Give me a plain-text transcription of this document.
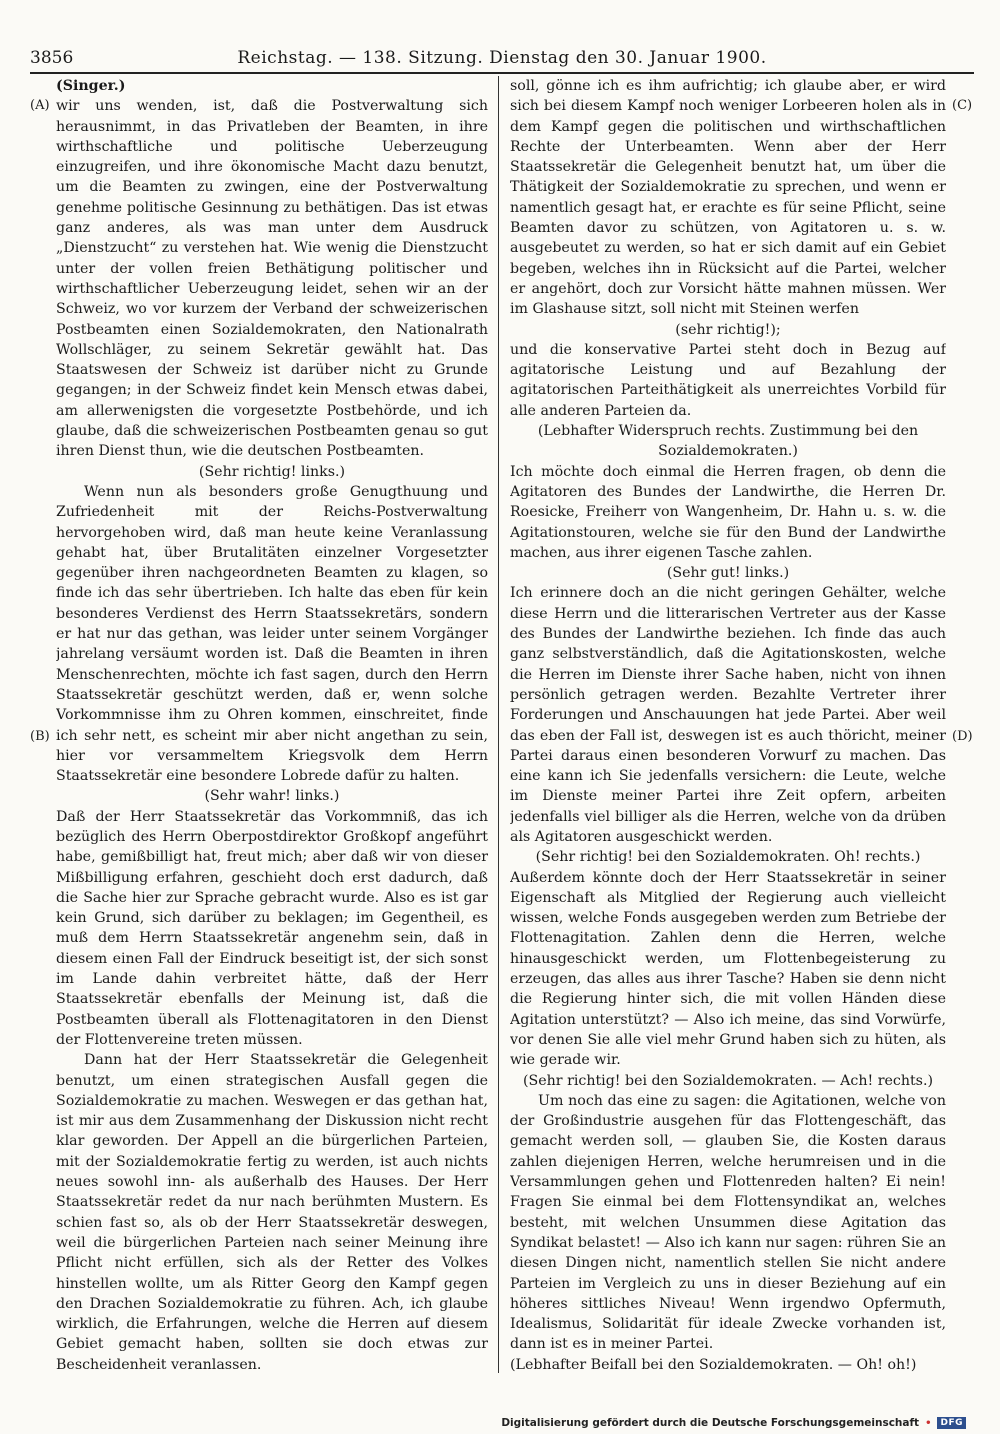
3856	Reichstag. — 138. Sitzung. Dienstag den 30. Januar 1900.
(A)
(B)
(C)
(D)

(Singer.)

wir uns wenden, ist, daß die Postverwaltung sich herausnimmt, in das Privatleben der Beamten, in ihre wirthschaftliche und politische Ueberzeugung einzugreifen, und ihre ökonomische Macht dazu benutzt, um die Beamten zu zwingen, eine der Postverwaltung genehme politische Gesinnung zu bethätigen. Das ist etwas ganz anderes, als was man unter dem Ausdruck „Dienstzucht“ zu verstehen hat. Wie wenig die Dienstzucht unter der vollen freien Bethätigung politischer und wirthschaftlicher Ueberzeugung leidet, sehen wir an der Schweiz, wo vor kurzem der Verband der schweizerischen Postbeamten einen Sozialdemokraten, den Nationalrath Wollschläger, zu seinem Sekretär gewählt hat. Das Staatswesen der Schweiz ist darüber nicht zu Grunde gegangen; in der Schweiz findet kein Mensch etwas dabei, am allerwenigsten die vorgesetzte Postbehörde, und ich glaube, daß die schweizerischen Postbeamten genau so gut ihren Dienst thun, wie die deutschen Postbeamten.

(Sehr richtig! links.)

Wenn nun als besonders große Genugthuung und Zufriedenheit mit der Reichs-Postverwaltung hervorgehoben wird, daß man heute keine Veranlassung gehabt hat, über Brutalitäten einzelner Vorgesetzter gegenüber ihren nachgeordneten Beamten zu klagen, so finde ich das sehr übertrieben. Ich halte das eben für kein besonderes Verdienst des Herrn Staatssekretärs, sondern er hat nur das gethan, was leider unter seinem Vorgänger jahrelang versäumt worden ist. Daß die Beamten in ihren Menschenrechten, möchte ich fast sagen, durch den Herrn Staatssekretär geschützt werden, daß er, wenn solche Vorkommnisse ihm zu Ohren kommen, einschreitet, finde ich sehr nett, es scheint mir aber nicht angethan zu sein, hier vor versammeltem Kriegsvolk dem Herrn Staatssekretär eine besondere Lobrede dafür zu halten.

(Sehr wahr! links.)

Daß der Herr Staatssekretär das Vorkommniß, das ich bezüglich des Herrn Oberpostdirektor Großkopf angeführt habe, gemißbilligt hat, freut mich; aber daß wir von dieser Mißbilligung erfahren, geschieht doch erst dadurch, daß die Sache hier zur Sprache gebracht wurde. Also es ist gar kein Grund, sich darüber zu beklagen; im Gegentheil, es muß dem Herrn Staatssekretär angenehm sein, daß in diesem einen Fall der Eindruck beseitigt ist, der sich sonst im Lande dahin verbreitet hätte, daß der Herr Staatssekretär ebenfalls der Meinung ist, daß die Postbeamten überall als Flottenagitatoren in den Dienst der Flottenvereine treten müssen.

Dann hat der Herr Staatssekretär die Gelegenheit benutzt, um einen strategischen Ausfall gegen die Sozialdemokratie zu machen. Weswegen er das gethan hat, ist mir aus dem Zusammenhang der Diskussion nicht recht klar geworden. Der Appell an die bürgerlichen Parteien, mit der Sozialdemokratie fertig zu werden, ist auch nichts neues sowohl inn- als außerhalb des Hauses. Der Herr Staatssekretär redet da nur nach berühmten Mustern. Es schien fast so, als ob der Herr Staatssekretär deswegen, weil die bürgerlichen Parteien nach seiner Meinung ihre Pflicht nicht erfüllen, sich als der Retter des Volkes hinstellen wollte, um als Ritter Georg den Kampf gegen den Drachen Sozialdemokratie zu führen. Ach, ich glaube wirklich, die Erfahrungen, welche die Herren auf diesem Gebiet gemacht haben, sollten sie doch etwas zur Bescheidenheit veranlassen.

soll, gönne ich es ihm aufrichtig; ich glaube aber, er wird sich bei diesem Kampf noch weniger Lorbeeren holen als in dem Kampf gegen die politischen und wirthschaftlichen Rechte der Unterbeamten. Wenn aber der Herr Staatssekretär die Gelegenheit benutzt hat, um über die Thätigkeit der Sozialdemokratie zu sprechen, und wenn er namentlich gesagt hat, er erachte es für seine Pflicht, seine Beamten davor zu schützen, von Agitatoren u. s. w. ausgebeutet zu werden, so hat er sich damit auf ein Gebiet begeben, welches ihn in Rücksicht auf die Partei, welcher er angehört, doch zur Vorsicht hätte mahnen müssen. Wer im Glashause sitzt, soll nicht mit Steinen werfen

(sehr richtig!);

und die konservative Partei steht doch in Bezug auf agitatorische Leistung und auf Bezahlung der agitatorischen Parteithätigkeit als unerreichtes Vorbild für alle anderen Parteien da.

(Lebhafter Widerspruch rechts. Zustimmung bei den Sozialdemokraten.)

Ich möchte doch einmal die Herren fragen, ob denn die Agitatoren des Bundes der Landwirthe, die Herren Dr. Roesicke, Freiherr von Wangenheim, Dr. Hahn u. s. w. die Agitationstouren, welche sie für den Bund der Landwirthe machen, aus ihrer eigenen Tasche zahlen.

(Sehr gut! links.)

Ich erinnere doch an die nicht geringen Gehälter, welche diese Herrn und die litterarischen Vertreter aus der Kasse des Bundes der Landwirthe beziehen. Ich finde das auch ganz selbstverständlich, daß die Agitationskosten, welche die Herren im Dienste ihrer Sache haben, nicht von ihnen persönlich getragen werden. Bezahlte Vertreter ihrer Forderungen und Anschauungen hat jede Partei. Aber weil das eben der Fall ist, deswegen ist es auch thöricht, meiner Partei daraus einen besonderen Vorwurf zu machen. Das eine kann ich Sie jedenfalls versichern: die Leute, welche im Dienste meiner Partei ihre Zeit opfern, arbeiten jedenfalls viel billiger als die Herren, welche von da drüben als Agitatoren ausgeschickt werden.

(Sehr richtig! bei den Sozialdemokraten. Oh! rechts.)

Außerdem könnte doch der Herr Staatssekretär in seiner Eigenschaft als Mitglied der Regierung auch vielleicht wissen, welche Fonds ausgegeben werden zum Betriebe der Flottenagitation. Zahlen denn die Herren, welche hinausgeschickt werden, um Flottenbegeisterung zu erzeugen, das alles aus ihrer Tasche? Haben sie denn nicht die Regierung hinter sich, die mit vollen Händen diese Agitation unterstützt? — Also ich meine, das sind Vorwürfe, vor denen Sie alle viel mehr Grund haben sich zu hüten, als wie gerade wir.

(Sehr richtig! bei den Sozialdemokraten. — Ach! rechts.)

Um noch das eine zu sagen: die Agitationen, welche von der Großindustrie ausgehen für das Flottengeschäft, das gemacht werden soll, — glauben Sie, die Kosten daraus zahlen diejenigen Herren, welche herumreisen und in die Versammlungen gehen und Flottenreden halten? Ei nein! Fragen Sie einmal bei dem Flottensyndikat an, welches besteht, mit welchen Unsummen diese Agitation das Syndikat belastet! — Also ich kann nur sagen: rühren Sie an diesen Dingen nicht, namentlich stellen Sie nicht andere Parteien im Vergleich zu uns in dieser Beziehung auf ein höheres sittliches Niveau! Wenn irgendwo Opfermuth, Idealismus, Solidarität für ideale Zwecke vorhanden ist, dann ist es in meiner Partei.

(Lebhafter Beifall bei den Sozialdemokraten. — Oh! oh!)

Digitalisierung gefördert durch die Deutsche Forschungsgemeinschaft •	DFG
